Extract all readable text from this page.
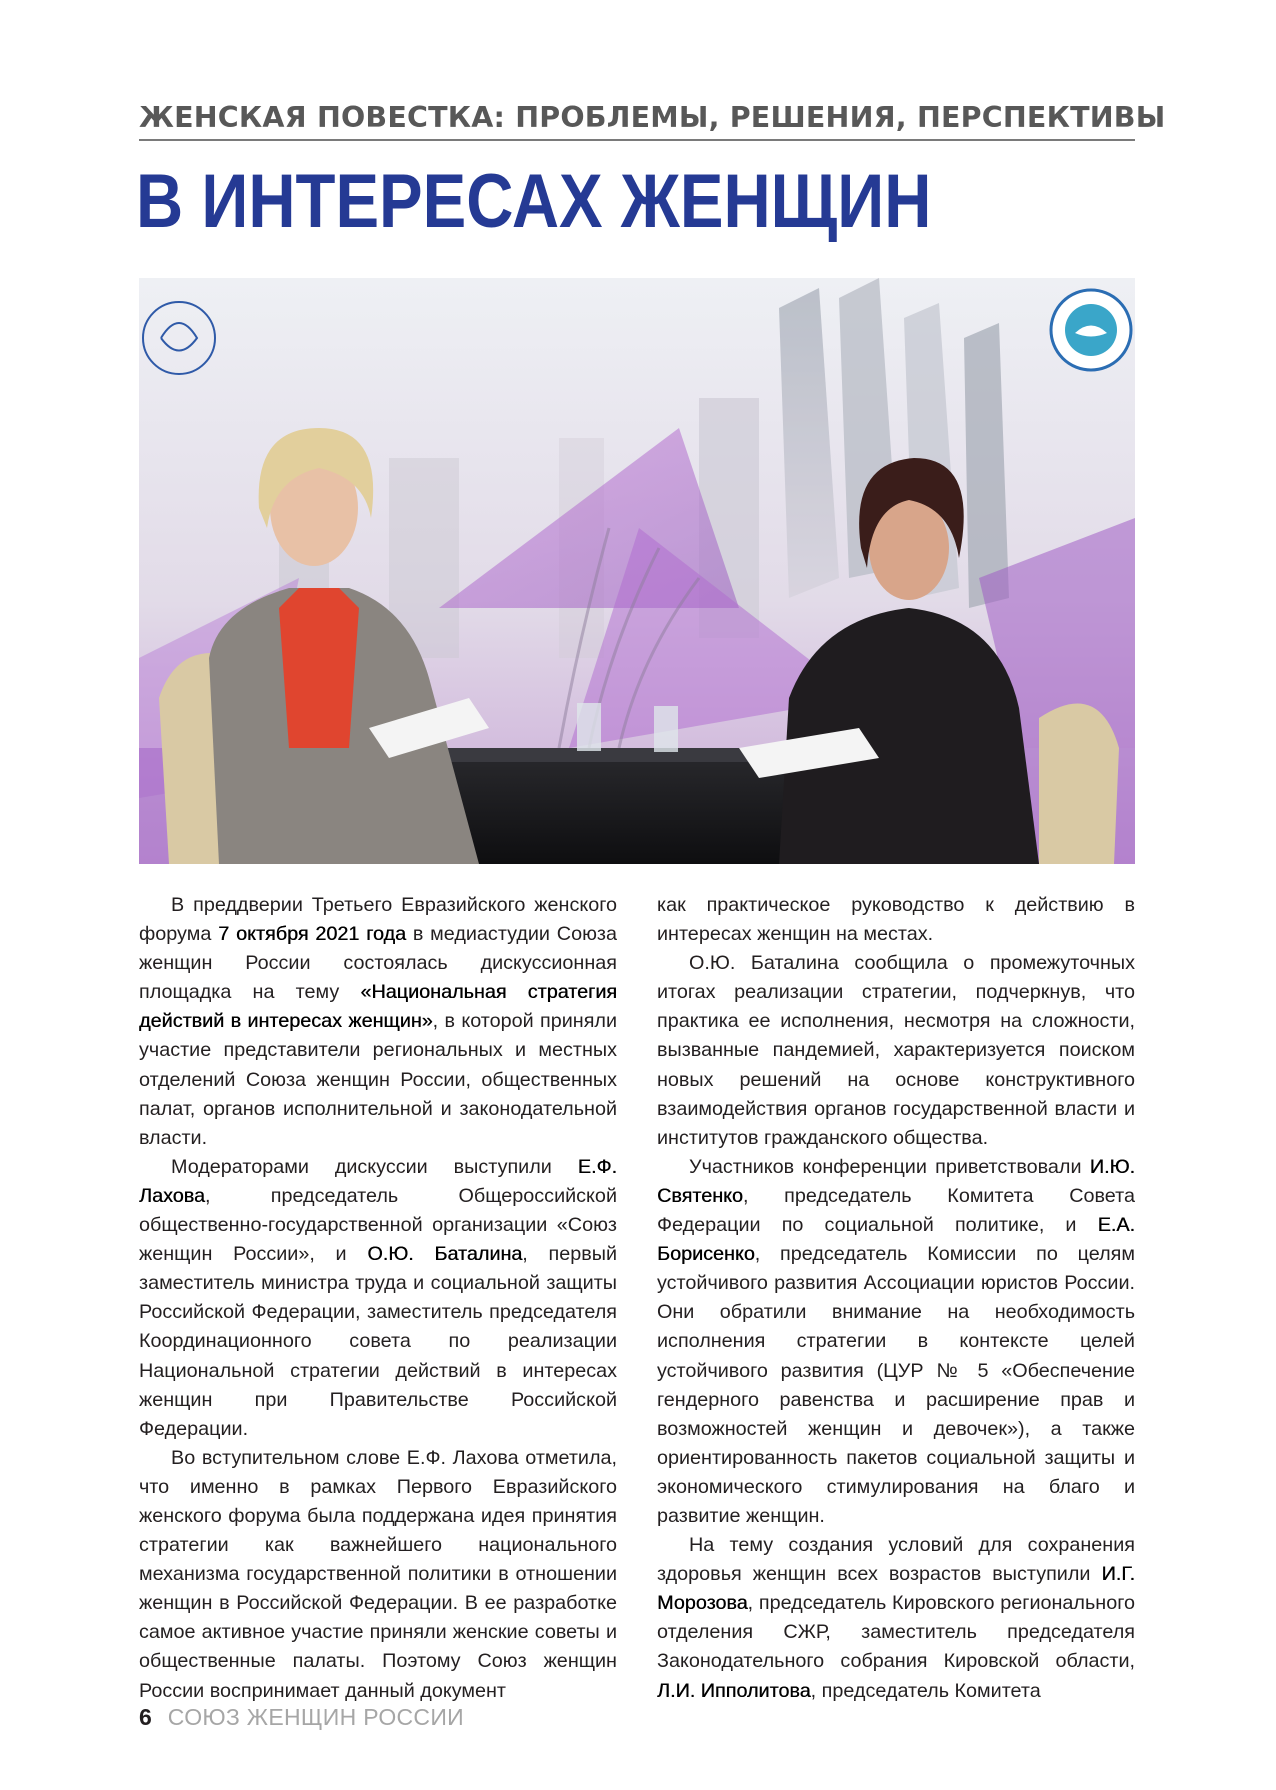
ЖЕНСКАЯ ПОВЕСТКА: ПРОБЛЕМЫ, РЕШЕНИЯ, ПЕРСПЕКТИВЫ
В ИНТЕРЕСАХ ЖЕНЩИН

В преддверии Третьего Евразийского женского форума 7 октября 2021 года в медиастудии Союза женщин России состоялась дискуссионная площадка на тему «Национальная стратегия действий в интересах женщин», в которой приняли участие представители региональных и местных отделений Союза женщин России, общественных палат, органов исполнительной и законодательной власти.

Модераторами дискуссии выступили Е.Ф. Лахова, председатель Общероссийской общественно-государственной организации «Союз женщин России», и О.Ю. Баталина, первый заместитель министра труда и социальной защиты Российской Федерации, заместитель председателя Координационного совета по реализации Национальной стратегии действий в интересах женщин при Правительстве Российской Федерации.

Во вступительном слове Е.Ф. Лахова отметила, что именно в рамках Первого Евразийского женского форума была поддержана идея принятия стратегии как важнейшего национального механизма государственной политики в отношении женщин в Российской Федерации. В ее разработке самое активное участие приняли женские советы и общественные палаты. Поэтому Союз женщин России воспринимает данный документ

как практическое руководство к действию в интересах женщин на местах.

О.Ю. Баталина сообщила о промежуточных итогах реализации стратегии, подчеркнув, что практика ее исполнения, несмотря на сложности, вызванные пандемией, характеризуется поиском новых решений на основе конструктивного взаимодействия органов государственной власти и институтов гражданского общества.

Участников конференции приветствовали И.Ю. Святенко, председатель Комитета Совета Федерации по социальной политике, и Е.А. Борисенко, председатель Комиссии по целям устойчивого развития Ассоциации юристов России. Они обратили внимание на необходимость исполнения стратегии в контексте целей устойчивого развития (ЦУР № 5 «Обеспечение гендерного равенства и расширение прав и возможностей женщин и девочек»), а также ориентированность пакетов социальной защиты и экономического стимулирования на благо и развитие женщин.

На тему создания условий для сохранения здоровья женщин всех возрастов выступили И.Г. Морозова, председатель Кировского регионального отделения СЖР, заместитель председателя Законодательного собрания Кировской области, Л.И. Ипполитова, председатель Комитета

6 СОЮЗ ЖЕНЩИН РОССИИ
